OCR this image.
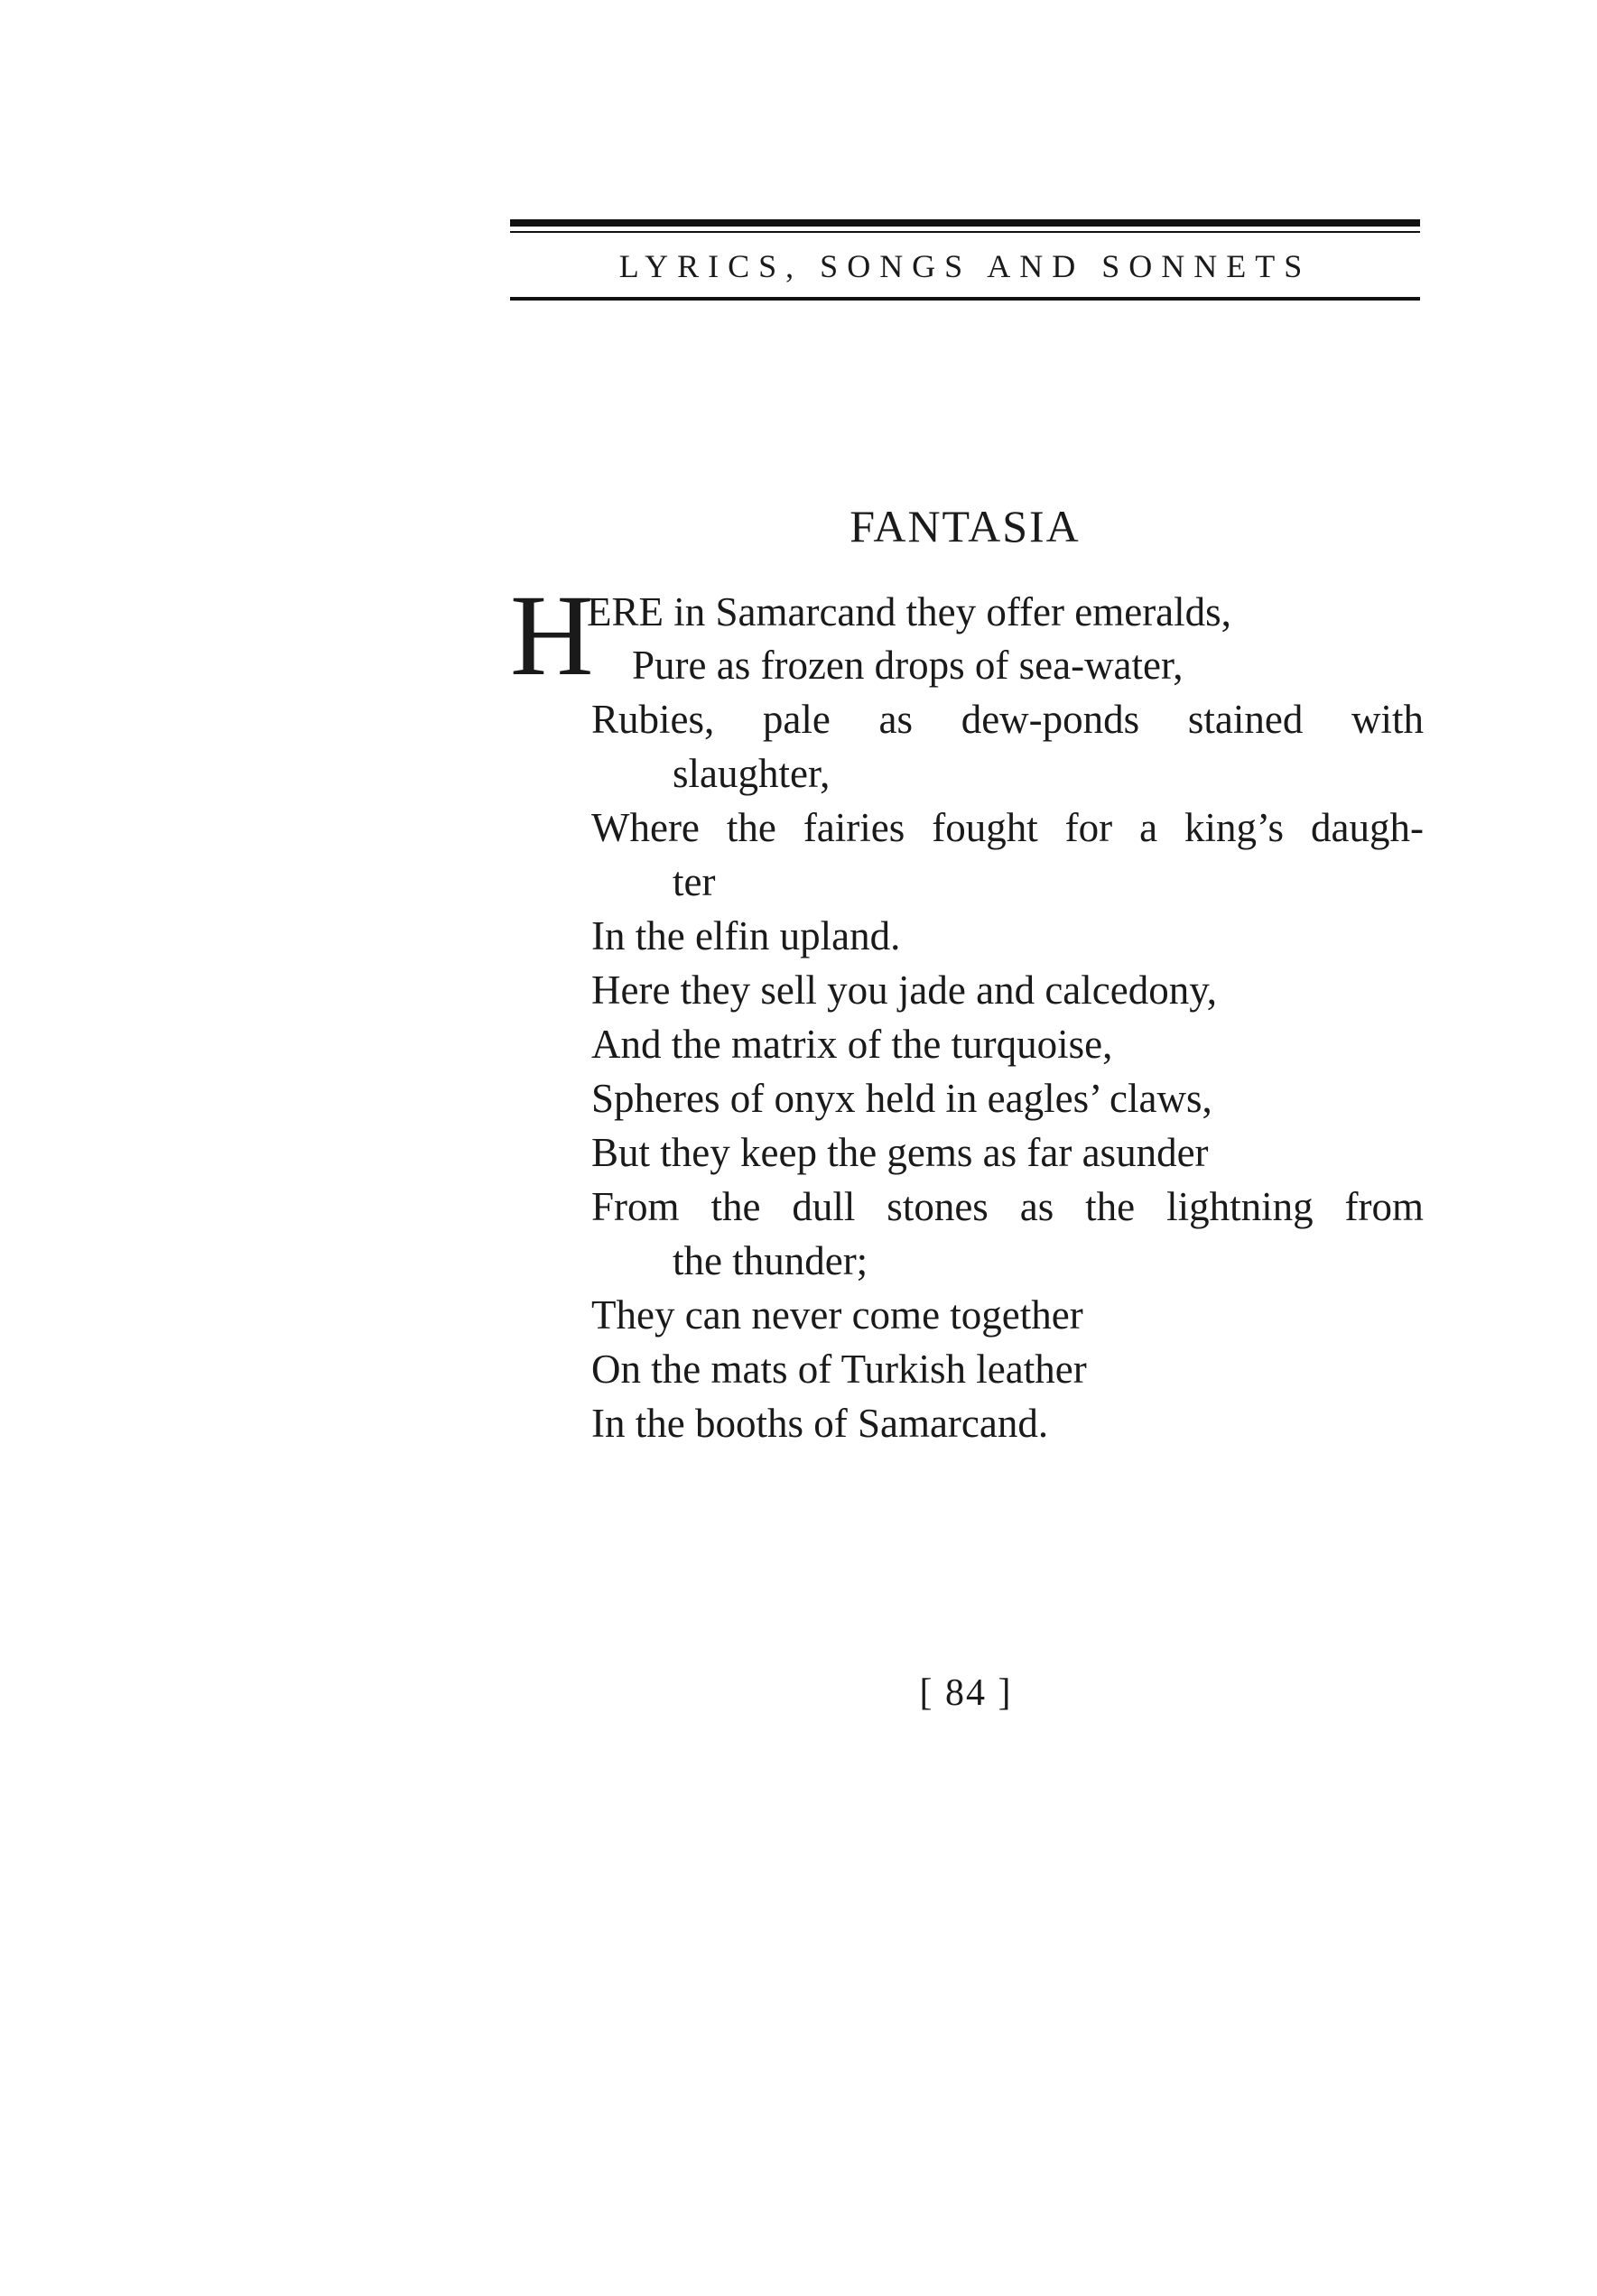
LYRICS, SONGS AND SONNETS
FANTASIA
H
ERE in Samarcand they offer emeralds,
Pure as frozen drops of sea-water,
Rubies, pale as dew-ponds stained with
slaughter,
Where the fairies fought for a king’s daugh-
ter
In the elfin upland.
Here they sell you jade and calcedony,
And the matrix of the turquoise,
Spheres of onyx held in eagles’ claws,
But they keep the gems as far asunder
From the dull stones as the lightning from
the thunder;
They can never come together
On the mats of Turkish leather
In the booths of Samarcand.
[ 84 ]
